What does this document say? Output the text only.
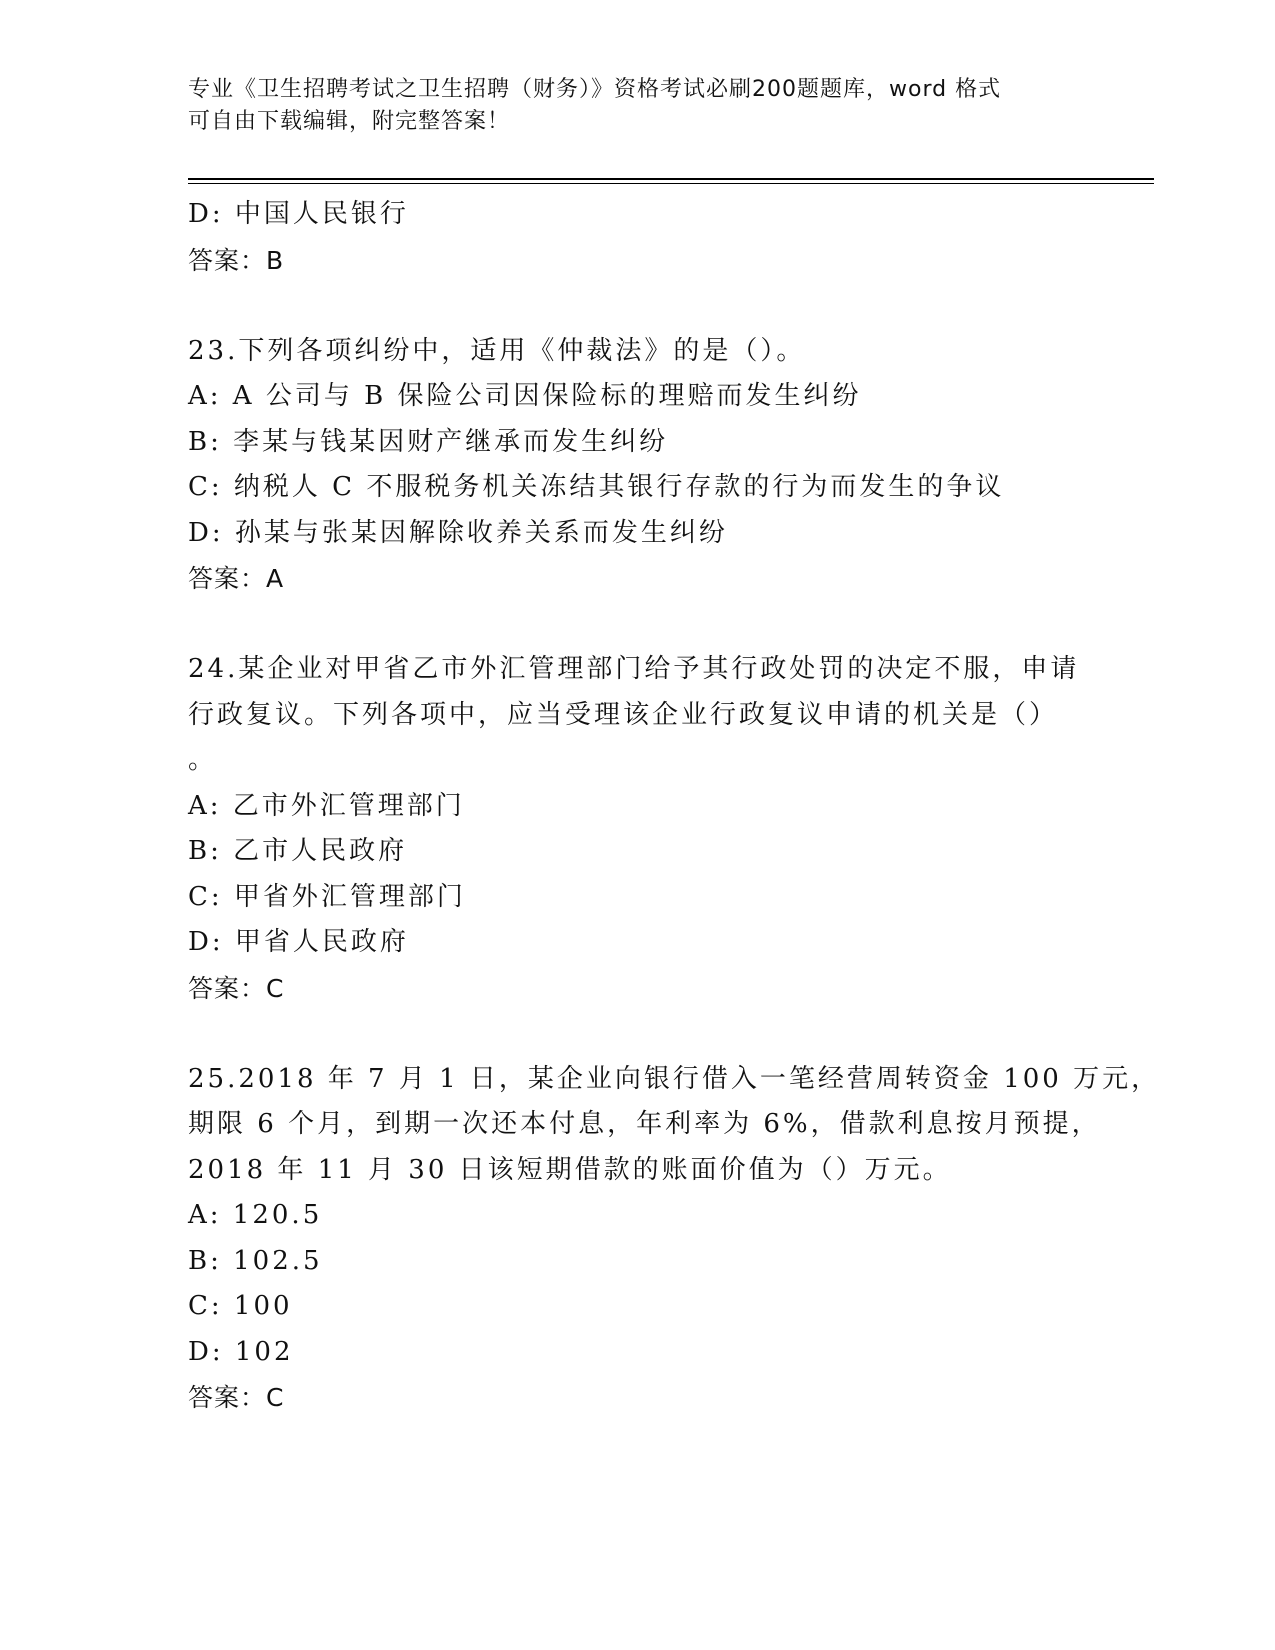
专业《卫生招聘考试之卫生招聘（财务）》资格考试必刷200题题库，word 格式
可自由下载编辑，附完整答案！
D: 中国人民银行
答案：B
23.下列各项纠纷中，适用《仲裁法》的是（）。
A: A 公司与 B 保险公司因保险标的理赔而发生纠纷
B: 李某与钱某因财产继承而发生纠纷
C: 纳税人 C 不服税务机关冻结其银行存款的行为而发生的争议
D: 孙某与张某因解除收养关系而发生纠纷
答案：A
24.某企业对甲省乙市外汇管理部门给予其行政处罚的决定不服，申请
行政复议。下列各项中，应当受理该企业行政复议申请的机关是（）
。
A: 乙市外汇管理部门
B: 乙市人民政府
C: 甲省外汇管理部门
D: 甲省人民政府
答案：C
25.2018 年 7 月 1 日，某企业向银行借入一笔经营周转资金 100 万元，
期限 6 个月，到期一次还本付息，年利率为 6%，借款利息按月预提，
2018 年 11 月 30 日该短期借款的账面价值为（）万元。
A: 120.5
B: 102.5
C: 100
D: 102
答案：C
